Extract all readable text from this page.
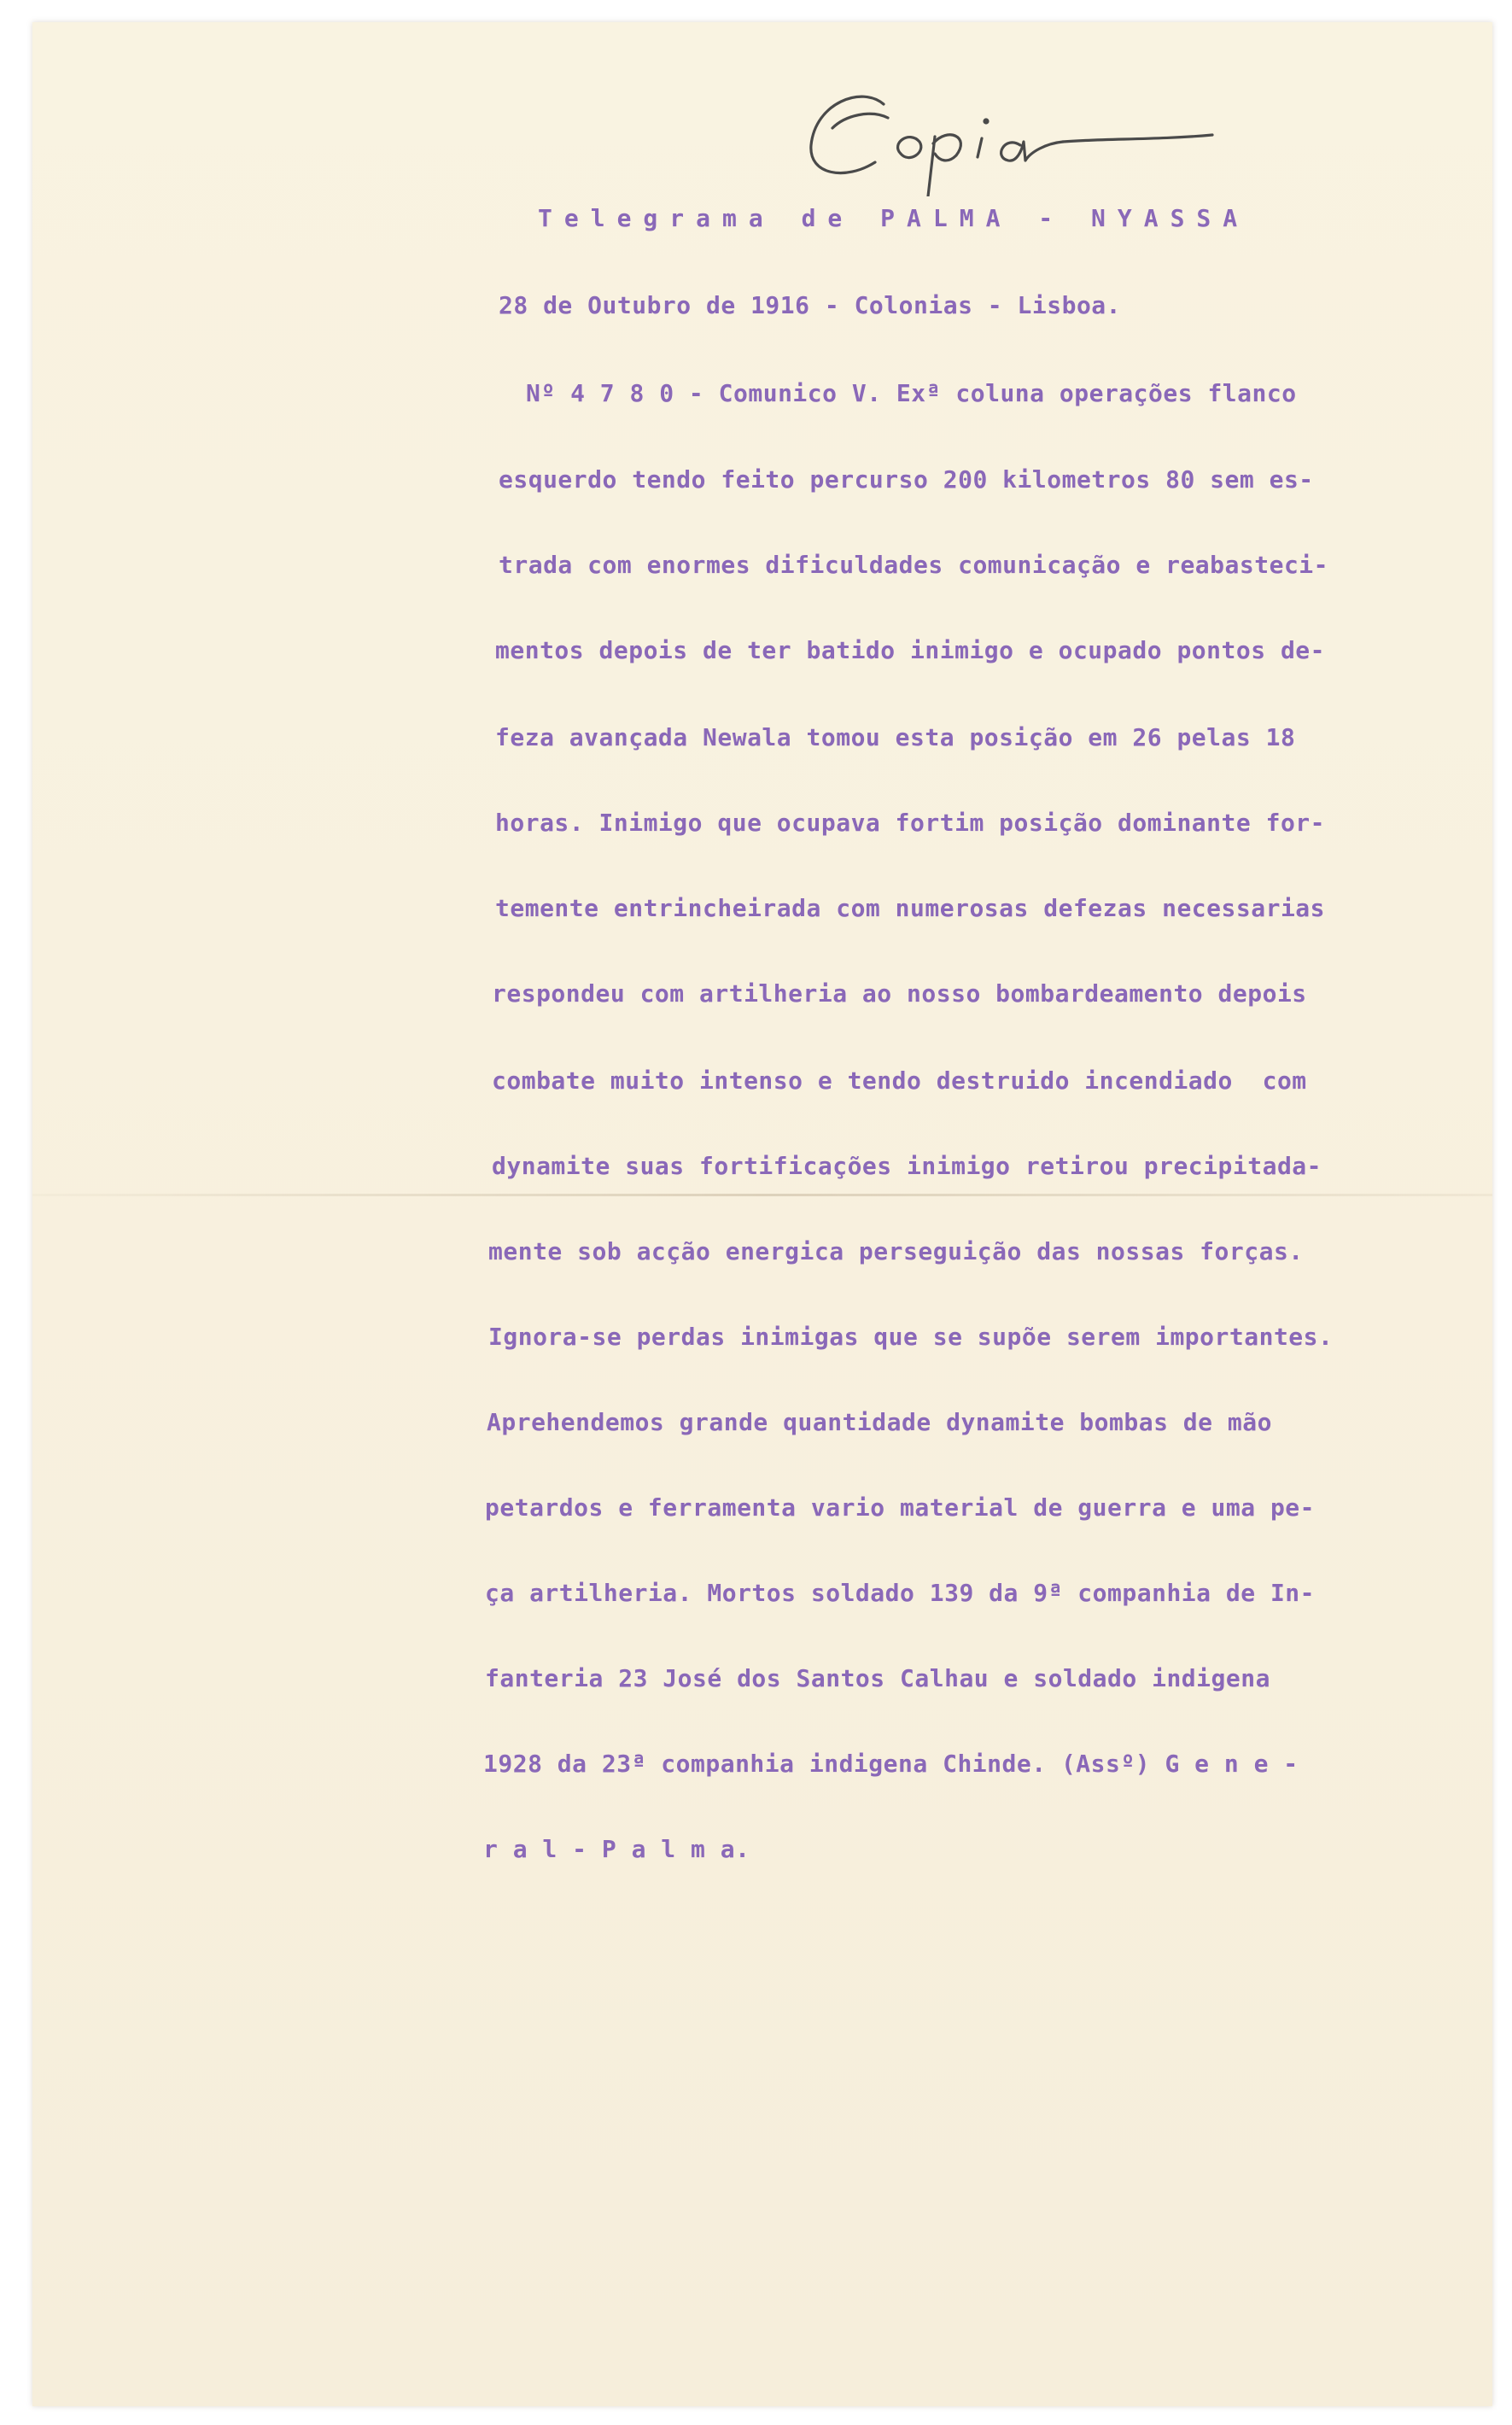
Telegrama de PALMA - NYASSA
28 de Outubro de 1916 - Colonias - Lisboa.
Nº 4 7 8 0 - Comunico V. Exª coluna operações flanco
esquerdo tendo feito percurso 200 kilometros 80 sem es-
trada com enormes dificuldades comunicação e reabasteci-
mentos depois de ter batido inimigo e ocupado pontos de-
feza avançada Newala tomou esta posição em 26 pelas 18
horas. Inimigo que ocupava fortim posição dominante for-
temente entrincheirada com numerosas defezas necessarias
respondeu com artilheria ao nosso bombardeamento depois
combate muito intenso e tendo destruido incendiado  com
dynamite suas fortificações inimigo retirou precipitada-
mente sob acção energica perseguição das nossas forças.
Ignora-se perdas inimigas que se supõe serem importantes.
Aprehendemos grande quantidade dynamite bombas de mão
petardos e ferramenta vario material de guerra e uma pe-
ça artilheria. Mortos soldado 139 da 9ª companhia de In-
fanteria 23 José dos Santos Calhau e soldado indigena
1928 da 23ª companhia indigena Chinde. (Assº) G e n e -
r a l - P a l m a.
